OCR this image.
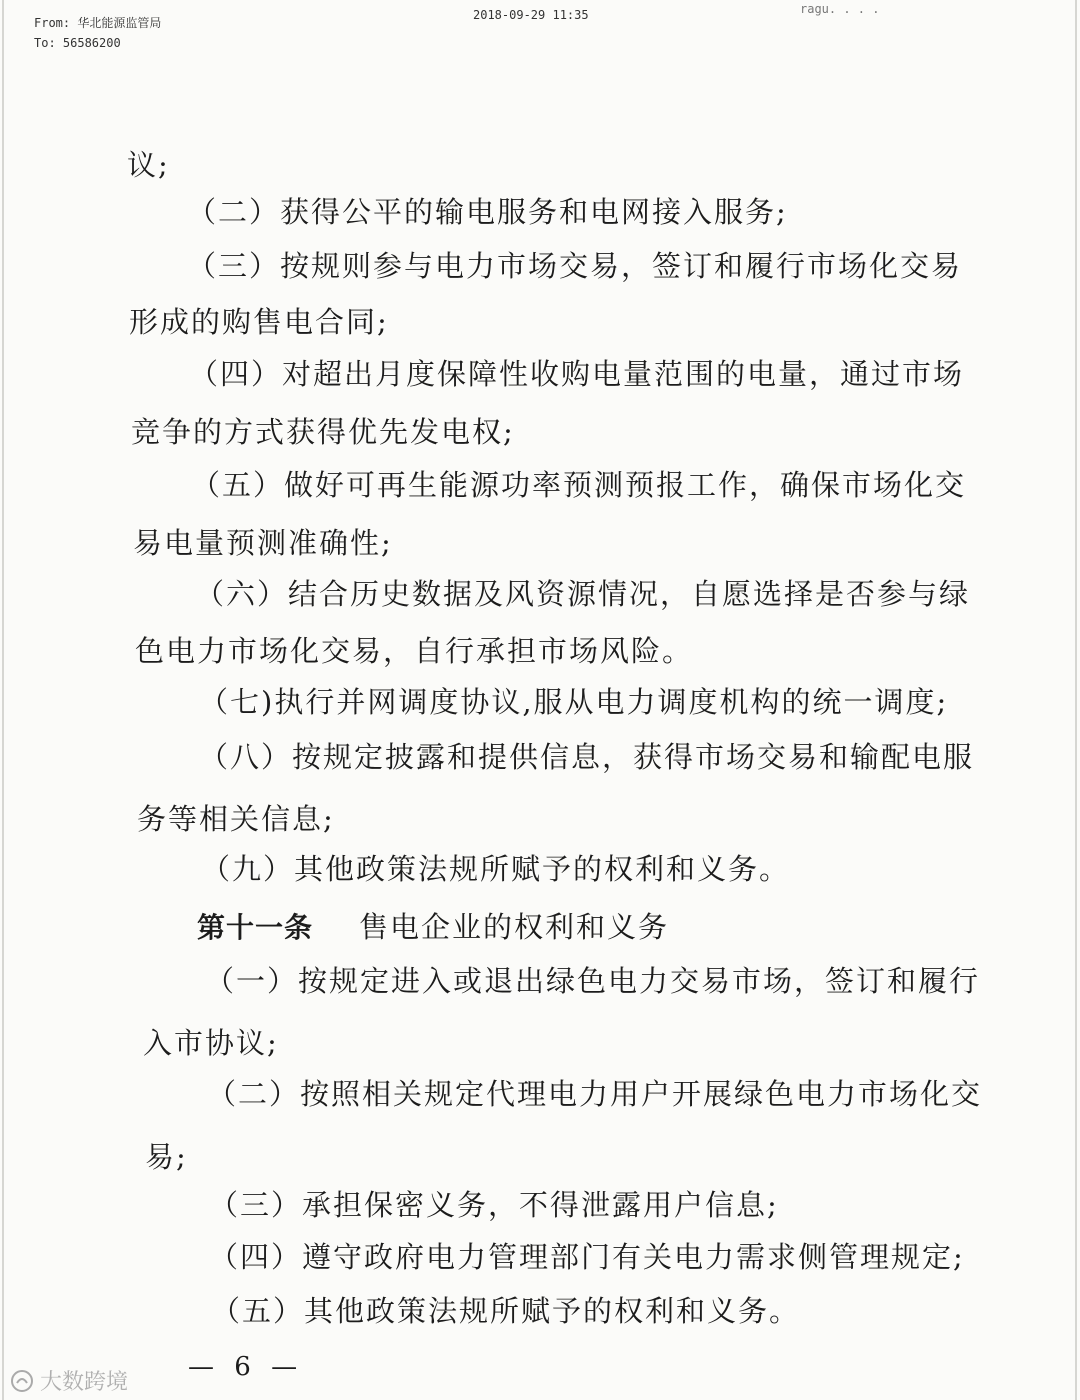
From: 华北能源监管局
To: 56586200
2018-09-29 11:35	ragu. . . .

议;

（二）获得公平的输电服务和电网接入服务;

（三）按规则参与电力市场交易，签订和履行市场化交易

形成的购售电合同;

（四）对超出月度保障性收购电量范围的电量，通过市场

竞争的方式获得优先发电权;

（五）做好可再生能源功率预测预报工作，确保市场化交

易电量预测准确性;

（六）结合历史数据及风资源情况，自愿选择是否参与绿

色电力市场化交易，自行承担市场风险。

（七)执行并网调度协议,服从电力调度机构的统一调度;

（八）按规定披露和提供信息，获得市场交易和输配电服

务等相关信息;

（九）其他政策法规所赋予的权利和义务。

第十一条 售电企业的权利和义务

（一）按规定进入或退出绿色电力交易市场，签订和履行

入市协议;

（二）按照相关规定代理电力用户开展绿色电力市场化交

易;

（三）承担保密义务，不得泄露用户信息;

（四）遵守政府电力管理部门有关电力需求侧管理规定;

（五）其他政策法规所赋予的权利和义务。

— 6 —
大数跨境
